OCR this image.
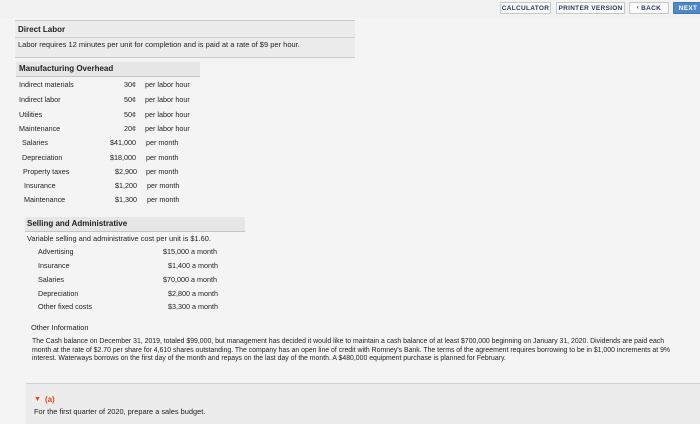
CALCULATOR	PRINTER VERSION	‹ BACK	NEXT
Direct Labor
Labor requires 12 minutes per unit for completion and is paid at a rate of $9 per hour.
Manufacturing Overhead
Indirect materials	30¢ per labor hour
Indirect labor	50¢ per labor hour
Utilities	50¢ per labor hour
Maintenance	20¢ per labor hour
Salaries	$41,000 per month
Depreciation	$18,000 per month
Property taxes	$2,900 per month
Insurance	$1,200 per month
Maintenance	$1,300 per month
Selling and Administrative
Variable selling and administrative cost per unit is $1.60.
Advertising	$15,000 a month
Insurance	$1,400 a month
Salaries	$70,000 a month
Depreciation	$2,800 a month
Other fixed costs	$3,300 a month
Other Information
The Cash balance on December 31, 2019, totaled $99,000, but management has decided it would like to maintain a cash balance of at least $700,000 beginning on January 31, 2020. Dividends are paid each month at the rate of $2.70 per share for 4,610 shares outstanding. The company has an open line of credit with Romney's Bank. The terms of the agreement requires borrowing to be in $1,000 increments at 9% interest. Waterways borrows on the first day of the month and repays on the last day of the month. A $480,000 equipment purchase is planned for February.
▼ (a)
For the first quarter of 2020, prepare a sales budget.
